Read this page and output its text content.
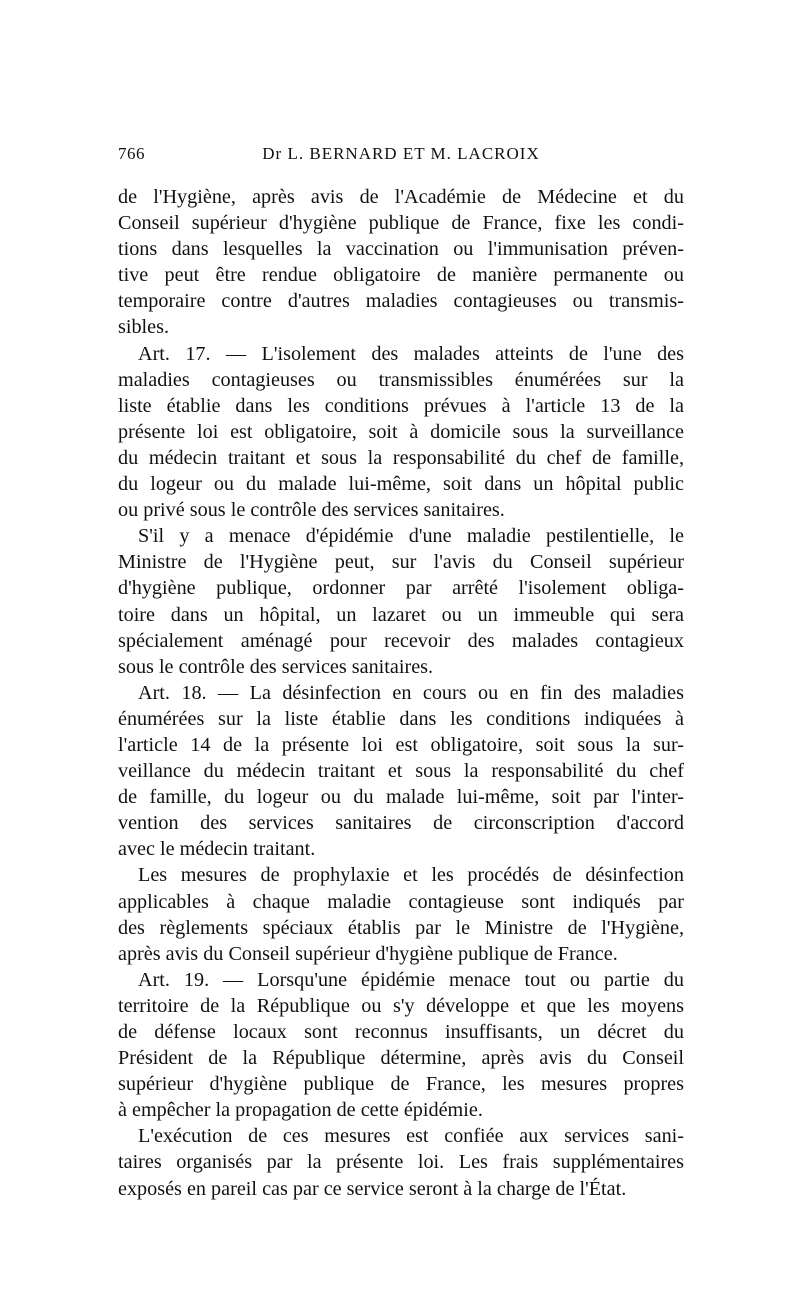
766	Dr L. BERNARD ET M. LACROIX
de l'Hygiène, après avis de l'Académie de Médecine et du
Conseil supérieur d'hygiène publique de France, fixe les condi-
tions dans lesquelles la vaccination ou l'immunisation préven-
tive peut être rendue obligatoire de manière permanente ou
temporaire contre d'autres maladies contagieuses ou transmis-
sibles.
Art. 17. — L'isolement des malades atteints de l'une des
maladies contagieuses ou transmissibles énumérées sur la
liste établie dans les conditions prévues à l'article 13 de la
présente loi est obligatoire, soit à domicile sous la surveillance
du médecin traitant et sous la responsabilité du chef de famille,
du logeur ou du malade lui-même, soit dans un hôpital public
ou privé sous le contrôle des services sanitaires.
S'il y a menace d'épidémie d'une maladie pestilentielle, le
Ministre de l'Hygiène peut, sur l'avis du Conseil supérieur
d'hygiène publique, ordonner par arrêté l'isolement obliga-
toire dans un hôpital, un lazaret ou un immeuble qui sera
spécialement aménagé pour recevoir des malades contagieux
sous le contrôle des services sanitaires.
Art. 18. — La désinfection en cours ou en fin des maladies
énumérées sur la liste établie dans les conditions indiquées à
l'article 14 de la présente loi est obligatoire, soit sous la sur-
veillance du médecin traitant et sous la responsabilité du chef
de famille, du logeur ou du malade lui-même, soit par l'inter-
vention des services sanitaires de circonscription d'accord
avec le médecin traitant.
Les mesures de prophylaxie et les procédés de désinfection
applicables à chaque maladie contagieuse sont indiqués par
des règlements spéciaux établis par le Ministre de l'Hygiène,
après avis du Conseil supérieur d'hygiène publique de France.
Art. 19. — Lorsqu'une épidémie menace tout ou partie du
territoire de la République ou s'y développe et que les moyens
de défense locaux sont reconnus insuffisants, un décret du
Président de la République détermine, après avis du Conseil
supérieur d'hygiène publique de France, les mesures propres
à empêcher la propagation de cette épidémie.
L'exécution de ces mesures est confiée aux services sani-
taires organisés par la présente loi. Les frais supplémentaires
exposés en pareil cas par ce service seront à la charge de l'État.
